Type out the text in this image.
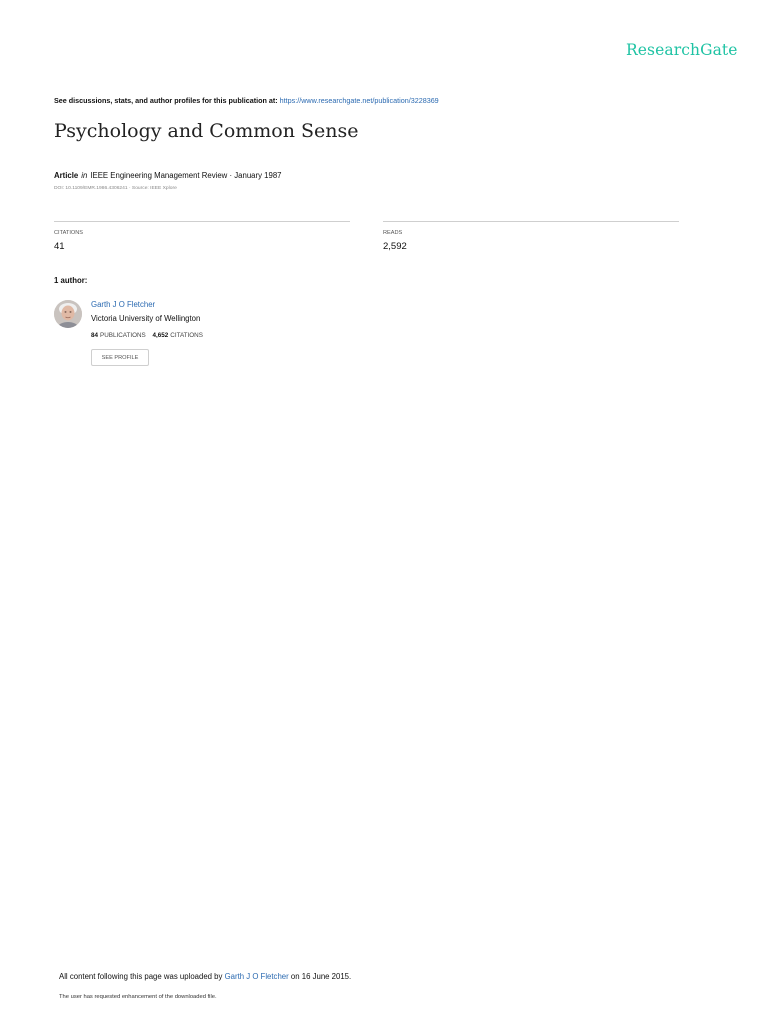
ResearchGate
See discussions, stats, and author profiles for this publication at: https://www.researchgate.net/publication/3228369
Psychology and Common Sense
Article in IEEE Engineering Management Review · January 1987
DOI: 10.1109/EMR.1986.4306241 · Source: IEEE Xplore
CITATIONS
41
READS
2,592
1 author:
Garth J O Fletcher
Victoria University of Wellington
84 PUBLICATIONS 4,652 CITATIONS
SEE PROFILE
All content following this page was uploaded by Garth J O Fletcher on 16 June 2015.
The user has requested enhancement of the downloaded file.
